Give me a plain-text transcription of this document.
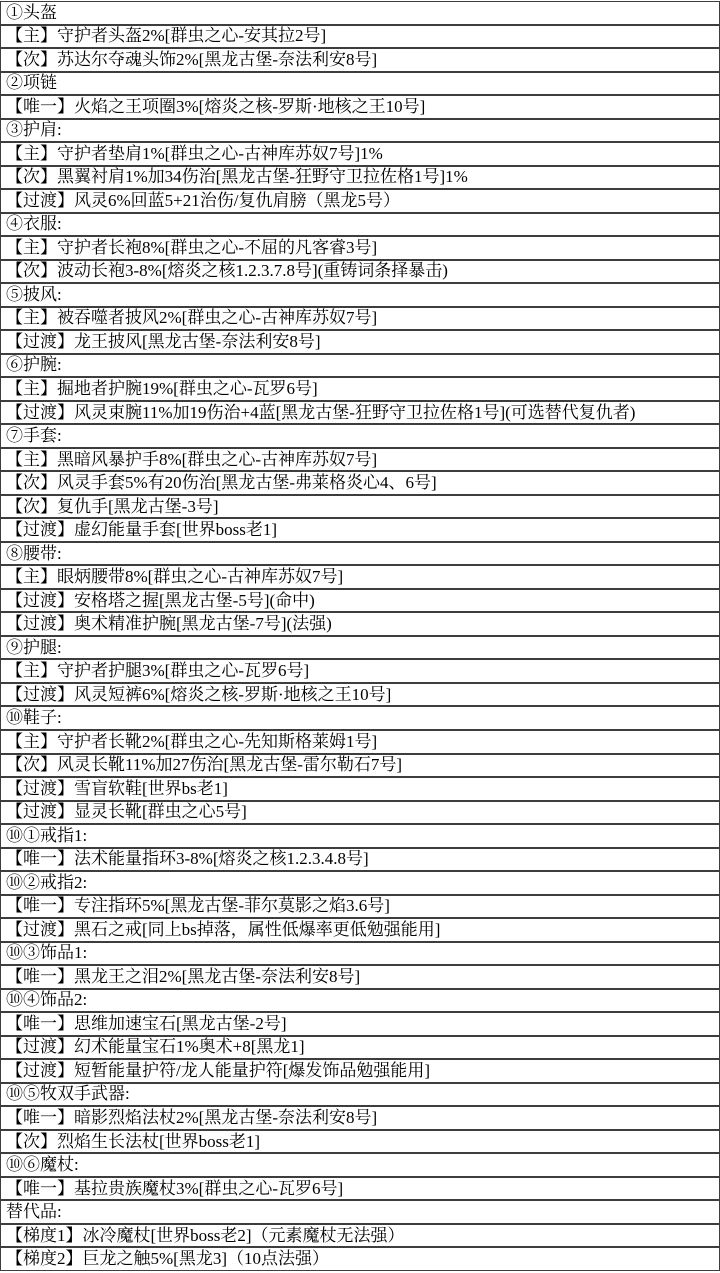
①头盔
【主】守护者头盔2%[群虫之心-安其拉2号]
【次】苏达尔夺魂头饰2%[黑龙古堡-奈法利安8号]
②项链
【唯一】火焰之王项圈3%[熔炎之核-罗斯·地核之王10号]
③护肩:
【主】守护者垫肩1%[群虫之心-古神库苏奴7号]1%
【次】黑翼衬肩1%加34伤治[黑龙古堡-狂野守卫拉佐格1号]1%
【过渡】风灵6%回蓝5+21治伤/复仇肩膀（黑龙5号）
④衣服:
【主】守护者长袍8%[群虫之心-不屈的凡客睿3号]
【次】波动长袍3-8%[熔炎之核1.2.3.7.8号](重铸词条择暴击)
⑤披风:
【主】被吞噬者披风2%[群虫之心-古神库苏奴7号]
【过渡】龙王披风[黑龙古堡-奈法利安8号]
⑥护腕:
【主】掘地者护腕19%[群虫之心-瓦罗6号]
【过渡】风灵束腕11%加19伤治+4蓝[黑龙古堡-狂野守卫拉佐格1号](可选替代复仇者)
⑦手套:
【主】黑暗风暴护手8%[群虫之心-古神库苏奴7号]
【次】风灵手套5%有20伤治[黑龙古堡-弗莱格炎心4、6号]
【次】复仇手[黑龙古堡-3号]
【过渡】虚幻能量手套[世界boss老1]
⑧腰带:
【主】眼炳腰带8%[群虫之心-古神库苏奴7号]
【过渡】安格塔之握[黑龙古堡-5号](命中)
【过渡】奥术精准护腕[黑龙古堡-7号](法强)
⑨护腿:
【主】守护者护腿3%[群虫之心-瓦罗6号]
【过渡】风灵短裤6%[熔炎之核-罗斯·地核之王10号]
⑩鞋子:
【主】守护者长靴2%[群虫之心-先知斯格莱姆1号]
【次】风灵长靴11%加27伤治[黑龙古堡-雷尔勒石7号]
【过渡】雪盲软鞋[世界bs老1]
【过渡】显灵长靴[群虫之心5号]
⑩①戒指1:
【唯一】法术能量指环3-8%[熔炎之核1.2.3.4.8号]
⑩②戒指2:
【唯一】专注指环5%[黑龙古堡-菲尔莫影之焰3.6号]
【过渡】黑石之戒[同上bs掉落，属性低爆率更低勉强能用]
⑩③饰品1:
【唯一】黑龙王之泪2%[黑龙古堡-奈法利安8号]
⑩④饰品2:
【唯一】思维加速宝石[黑龙古堡-2号]
【过渡】幻术能量宝石1%奥术+8[黑龙1]
【过渡】短暂能量护符/龙人能量护符[爆发饰品勉强能用]
⑩⑤牧双手武器:
【唯一】暗影烈焰法杖2%[黑龙古堡-奈法利安8号]
【次】烈焰生长法杖[世界boss老1]
⑩⑥魔杖:
【唯一】基拉贵族魔杖3%[群虫之心-瓦罗6号]
替代品:
【梯度1】冰冷魔杖[世界boss老2]（元素魔杖无法强）
【梯度2】巨龙之触5%[黑龙3]（10点法强）
